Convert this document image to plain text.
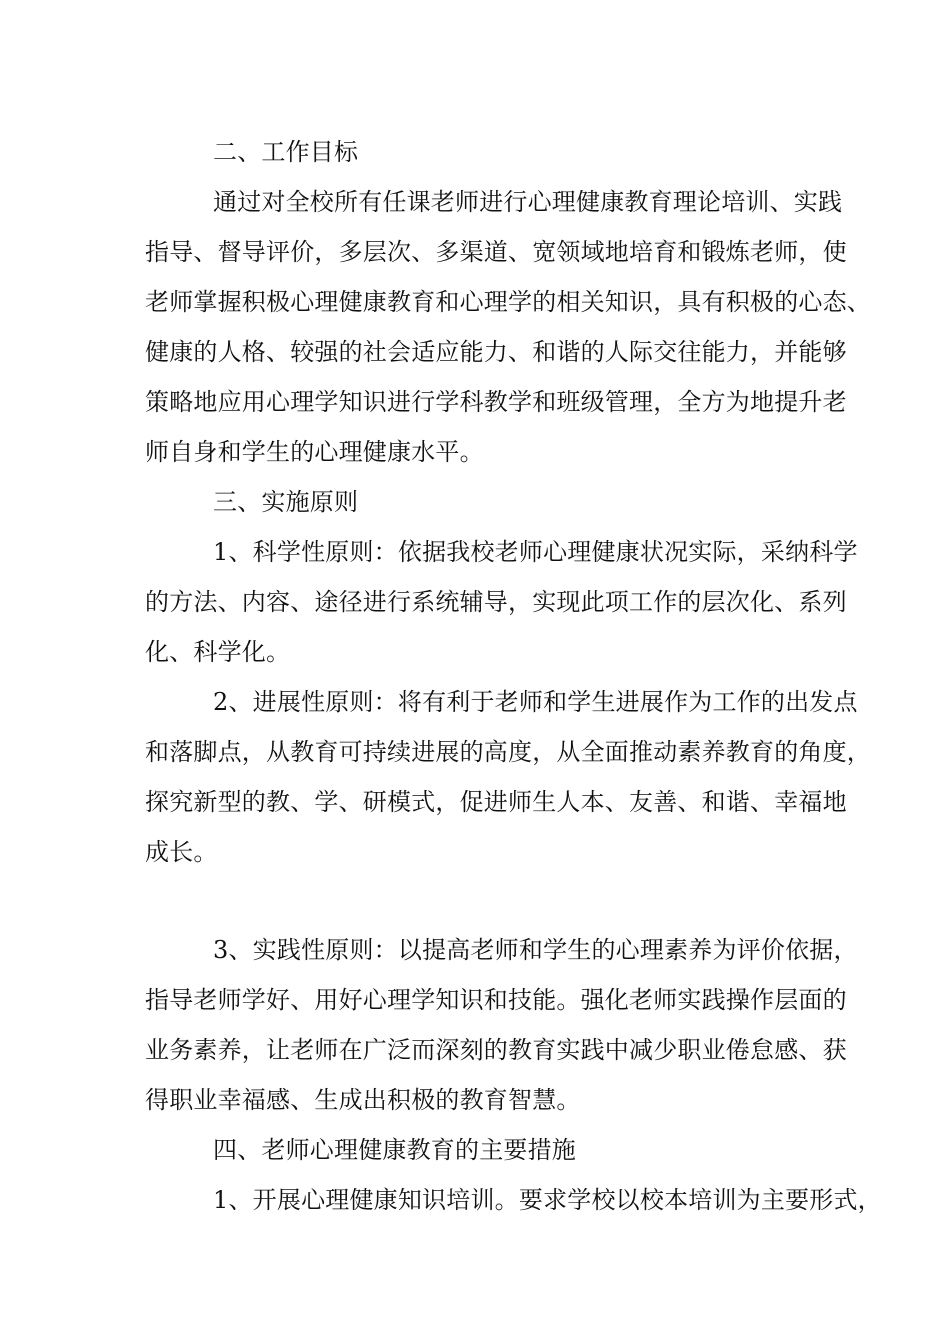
二、工作目标
通过对全校所有任课老师进行心理健康教育理论培训、实践
指导、督导评价，多层次、多渠道、宽领域地培育和锻炼老师，使
老师掌握积极心理健康教育和心理学的相关知识，具有积极的心态、
健康的人格、较强的社会适应能力、和谐的人际交往能力，并能够
策略地应用心理学知识进行学科教学和班级管理，全方为地提升老
师自身和学生的心理健康水平。
三、实施原则
1、科学性原则：依据我校老师心理健康状况实际，采纳科学
的方法、内容、途径进行系统辅导，实现此项工作的层次化、系列
化、科学化。
2、进展性原则：将有利于老师和学生进展作为工作的出发点
和落脚点，从教育可持续进展的高度，从全面推动素养教育的角度，
探究新型的教、学、研模式，促进师生人本、友善、和谐、幸福地
成长。
3、实践性原则：以提高老师和学生的心理素养为评价依据，
指导老师学好、用好心理学知识和技能。强化老师实践操作层面的
业务素养，让老师在广泛而深刻的教育实践中减少职业倦怠感、获
得职业幸福感、生成出积极的教育智慧。
四、老师心理健康教育的主要措施
1、开展心理健康知识培训。要求学校以校本培训为主要形式，
